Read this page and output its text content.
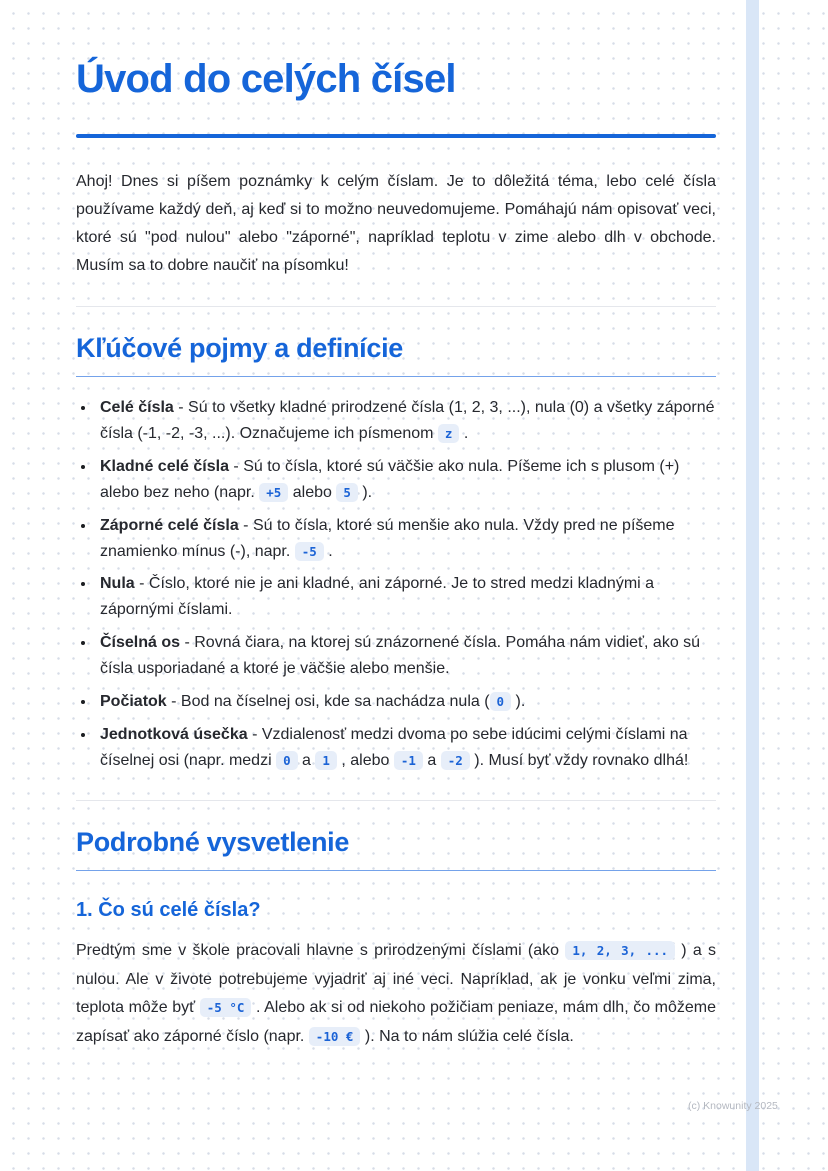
Úvod do celých čísel

Ahoj! Dnes si píšem poznámky k celým číslam. Je to dôležitá téma, lebo celé čísla používame každý deň, aj keď si to možno neuvedomujeme. Pomáhajú nám opisovať veci, ktoré sú "pod nulou" alebo "záporné", napríklad teplotu v zime alebo dlh v obchode. Musím sa to dobre naučiť na písomku!

Kľúčové pojmy a definície
• Celé čísla - Sú to všetky kladné prirodzené čísla (1, 2, 3, ...), nula (0) a všetky záporné čísla (-1, -2, -3, ...). Označujeme ich písmenom z .
• Kladné celé čísla - Sú to čísla, ktoré sú väčšie ako nula. Píšeme ich s plusom (+) alebo bez neho (napr. +5 alebo 5 ).
• Záporné celé čísla - Sú to čísla, ktoré sú menšie ako nula. Vždy pred ne píšeme znamienko mínus (-), napr. -5 .
• Nula - Číslo, ktoré nie je ani kladné, ani záporné. Je to stred medzi kladnými a zápornými číslami.
• Číselná os - Rovná čiara, na ktorej sú znázornené čísla. Pomáha nám vidieť, ako sú čísla usporiadané a ktoré je väčšie alebo menšie.
• Počiatok - Bod na číselnej osi, kde sa nachádza nula ( 0 ).
• Jednotková úsečka - Vzdialenosť medzi dvoma po sebe idúcimi celými číslami na číselnej osi (napr. medzi 0 a 1 , alebo -1 a -2 ). Musí byť vždy rovnako dlhá!
Podrobné vysvetlenie
1. Čo sú celé čísla?

Predtým sme v škole pracovali hlavne s prirodzenými číslami (ako 1, 2, 3, ... ) a s nulou. Ale v živote potrebujeme vyjadriť aj iné veci. Napríklad, ak je vonku veľmi zima, teplota môže byť -5 °C . Alebo ak si od niekoho požičiam peniaze, mám dlh, čo môžeme zapísať ako záporné číslo (napr. -10 € ). Na to nám slúžia celé čísla.

(c) Knowunity 2025
